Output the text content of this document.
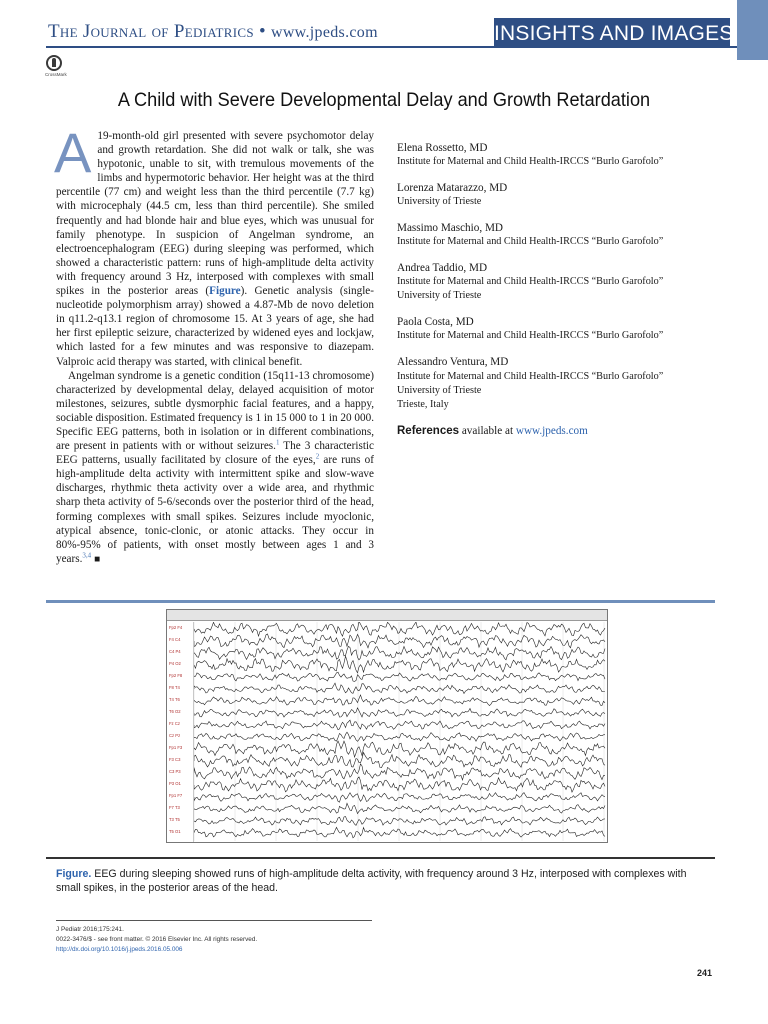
The Journal of Pediatrics • www.jpeds.com	INSIGHTS AND IMAGES
CrossMark
A Child with Severe Developmental Delay and Growth Retardation

A 19-month-old girl presented with severe psychomotor delay and growth retardation. She did not walk or talk, she was hypotonic, unable to sit, with tremulous movements of the limbs and hypermotoric behavior. Her height was at the third percentile (77 cm) and weight less than the third percentile (7.7 kg) with microcephaly (44.5 cm, less than third percentile). She smiled frequently and had blonde hair and blue eyes, which was unusual for family phenotype. In suspicion of Angelman syndrome, an electroencephalogram (EEG) during sleeping was performed, which showed a characteristic pattern: runs of high-amplitude delta activity with frequency around 3 Hz, interposed with complexes with small spikes in the posterior areas (Figure). Genetic analysis (single-nucleotide polymorphism array) showed a 4.87-Mb de novo deletion in q11.2-q13.1 region of chromosome 15. At 3 years of age, she had her first epileptic seizure, characterized by widened eyes and lockjaw, which lasted for a few minutes and was responsive to diazepam. Valproic acid therapy was started, with clinical benefit.

Angelman syndrome is a genetic condition (15q11-13 chromosome) characterized by developmental delay, delayed acquisition of motor milestones, seizures, subtle dysmorphic facial features, and a happy, sociable disposition. Estimated frequency is 1 in 15 000 to 1 in 20 000. Specific EEG patterns, both in isolation or in different combinations, are present in patients with or without seizures.$^1$ The 3 characteristic EEG patterns, usually facilitated by closure of the eyes,$^2$ are runs of high-amplitude delta activity with intermittent spike and slow-wave discharges, rhythmic theta activity over a wide area, and rhythmic sharp theta activity of 5-6/seconds over the posterior third of the head, forming complexes with small spikes. Seizures include myoclonic, atypical absence, tonic-clonic, or atonic attacks. They occur in 80%-95% of patients, with onset mostly between ages 1 and 3 years.$^{3,4}$ ■

Elena Rossetto, MD
Institute for Maternal and Child Health-IRCCS “Burlo Garofolo”
Lorenza Matarazzo, MD
University of Trieste
Massimo Maschio, MD
Institute for Maternal and Child Health-IRCCS “Burlo Garofolo”
Andrea Taddio, MD
Institute for Maternal and Child Health-IRCCS “Burlo Garofolo”
University of Trieste
Paola Costa, MD
Institute for Maternal and Child Health-IRCCS “Burlo Garofolo”
Alessandro Ventura, MD
Institute for Maternal and Child Health-IRCCS “Burlo Garofolo”
University of Trieste
Trieste, Italy
References available at www.jpeds.com
Fp2 F4
F4 C4
C4 P4
P4 O2
Fp2 F8
F8 T4
T4 T6
T6 O2
Fz Cz
Cz Pz
Fp1 F3
F3 C3
C3 P3
P3 O1
Fp1 F7
F7 T3
T3 T5
T5 O1
Figure. EEG during sleeping showed runs of high-amplitude delta activity, with frequency around 3 Hz, interposed with complexes with small spikes, in the posterior areas of the head.
J Pediatr 2016;175:241.
0022-3476/$ - see front matter. © 2016 Elsevier Inc. All rights reserved.
http://dx.doi.org/10.1016/j.jpeds.2016.05.006
241
